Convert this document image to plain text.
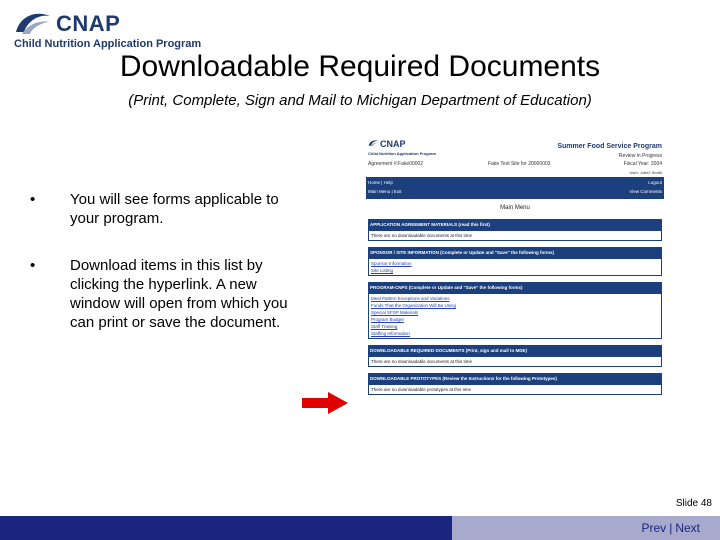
CNAP
Child Nutrition Application Program
Downloadable Required Documents
(Print, Complete, Sign and Mail to Michigan Department of Education)
• You will see forms applicable to your program.
• Download items in this list by clicking the hyperlink. A new window will open from which you can print or save the document.
CNAP
Child Nutrition Application Program
Summer Food Service Program
Review in Progress
Agreement #:Fake00002	Fake Test Site for 20000003	Fiscal Year: 2004
User: Jolie2 Smith
Home | Help
Main Menu | Exit
Logout
View Comments
Main Menu
APPLICATION AGREEMENT MATERIALS (read this first)
There are no downloadable documents at this time
SPONSOR / SITE INFORMATION (Complete or Update and "Save" the following forms)
Sponsor Information
Site Listing
PROGRAM-CNPS (Complete or Update and "Save" the following forms)
Meal Pattern Exceptions and Variations
Funds That the Organization Will Be Using
Special SFSP Materials
Program Budget
Staff Training
Staffing Information
DOWNLOADABLE REQUIRED DOCUMENTS (Print, sign and mail to MDE)
There are no downloadable documents at this time
DOWNLOADABLE PROTOTYPES (Review the Instructions for the following Prototypes)
There are no downloadable prototypes at this time
Slide 48
Prev | Next
